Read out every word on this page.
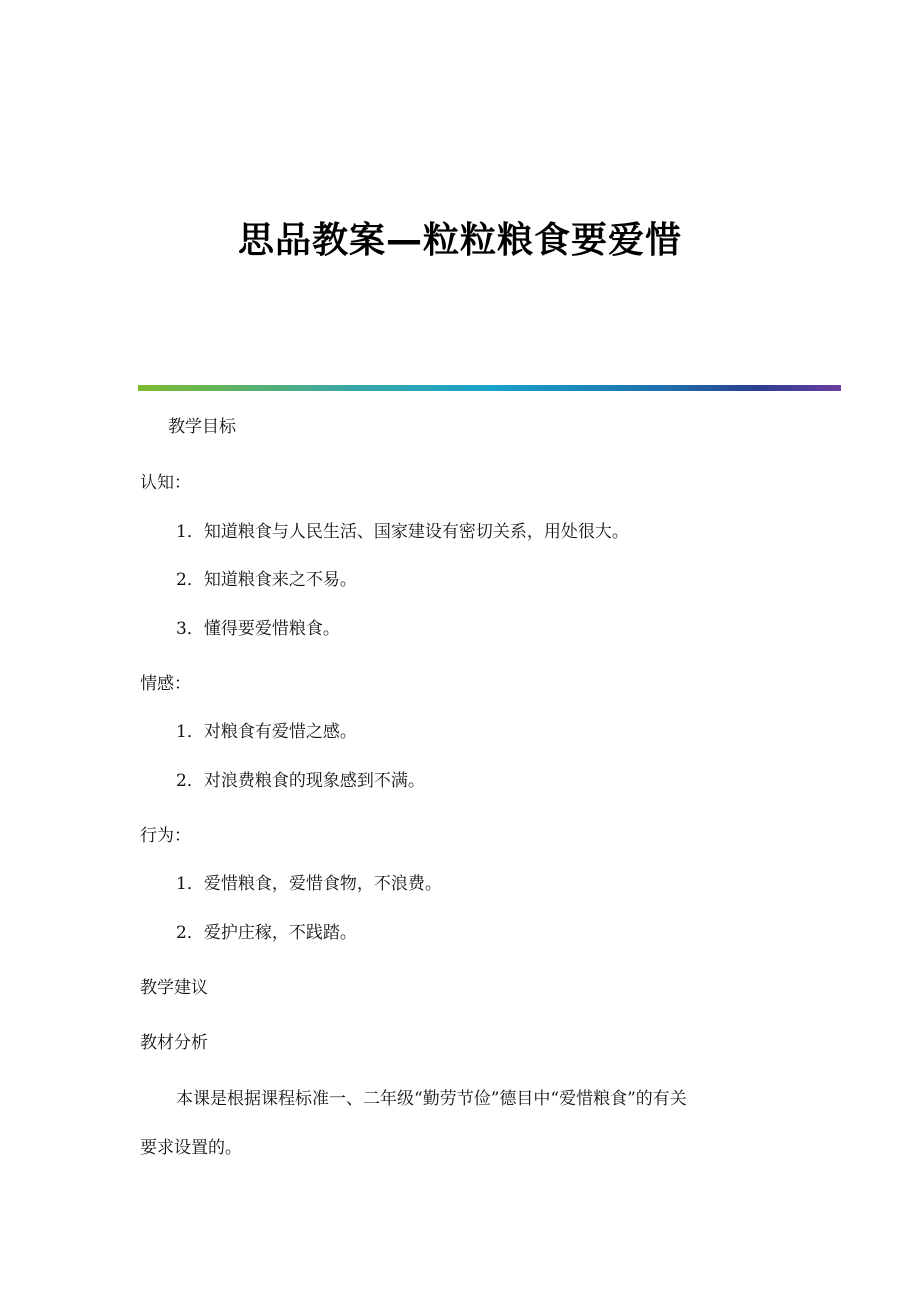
思品教案—粒粒粮食要爱惜
教学目标
认知：
1．知道粮食与人民生活、国家建设有密切关系，用处很大。
2．知道粮食来之不易。
3．懂得要爱惜粮食。
情感：
1．对粮食有爱惜之感。
2．对浪费粮食的现象感到不满。
行为：
1．爱惜粮食，爱惜食物，不浪费。
2．爱护庄稼，不践踏。
教学建议
教材分析
本课是根据课程标准一、二年级“勤劳节俭”德目中“爱惜粮食”的有关
要求设置的。
